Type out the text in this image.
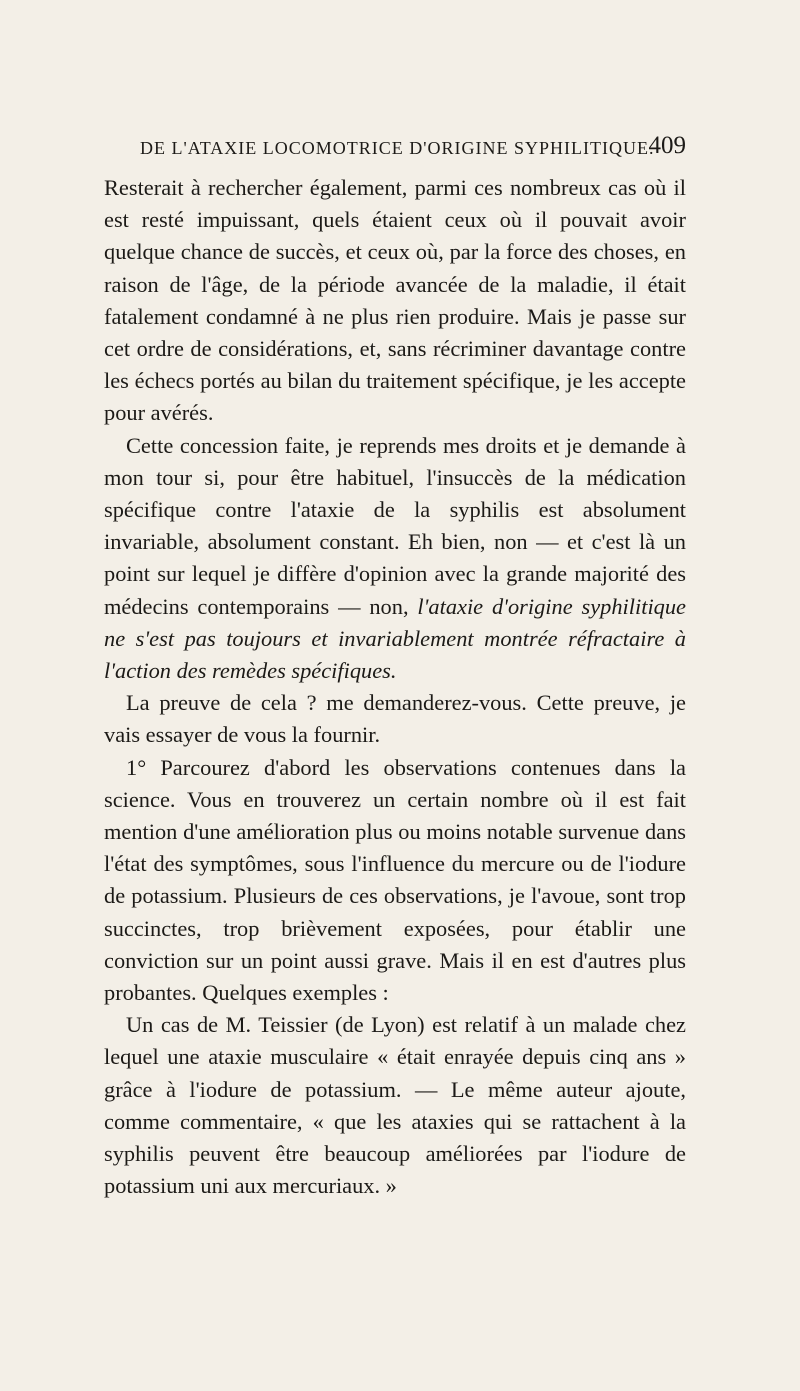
DE L'ATAXIE LOCOMOTRICE D'ORIGINE SYPHILITIQUE.
409

Resterait à rechercher également, parmi ces nombreux cas où il est resté impuissant, quels étaient ceux où il pouvait avoir quelque chance de succès, et ceux où, par la force des choses, en raison de l'âge, de la période avancée de la maladie, il était fatalement condamné à ne plus rien produire. Mais je passe sur cet ordre de considérations, et, sans récriminer davantage contre les échecs portés au bilan du traitement spécifique, je les accepte pour avérés.

Cette concession faite, je reprends mes droits et je demande à mon tour si, pour être habituel, l'insuccès de la médication spécifique contre l'ataxie de la syphilis est absolument invariable, absolument constant. Eh bien, non — et c'est là un point sur lequel je diffère d'opinion avec la grande majorité des médecins contemporains — non, l'ataxie d'origine syphilitique ne s'est pas toujours et invariablement montrée réfractaire à l'action des remèdes spécifiques.

La preuve de cela ? me demanderez-vous. Cette preuve, je vais essayer de vous la fournir.

1° Parcourez d'abord les observations contenues dans la science. Vous en trouverez un certain nombre où il est fait mention d'une amélioration plus ou moins notable survenue dans l'état des symptômes, sous l'influence du mercure ou de l'iodure de potassium. Plusieurs de ces observations, je l'avoue, sont trop succinctes, trop brièvement exposées, pour établir une conviction sur un point aussi grave. Mais il en est d'autres plus probantes. Quelques exemples :

Un cas de M. Teissier (de Lyon) est relatif à un malade chez lequel une ataxie musculaire « était enrayée depuis cinq ans » grâce à l'iodure de potassium. — Le même auteur ajoute, comme commentaire, « que les ataxies qui se rattachent à la syphilis peuvent être beaucoup améliorées par l'iodure de potassium uni aux mercuriaux. »
